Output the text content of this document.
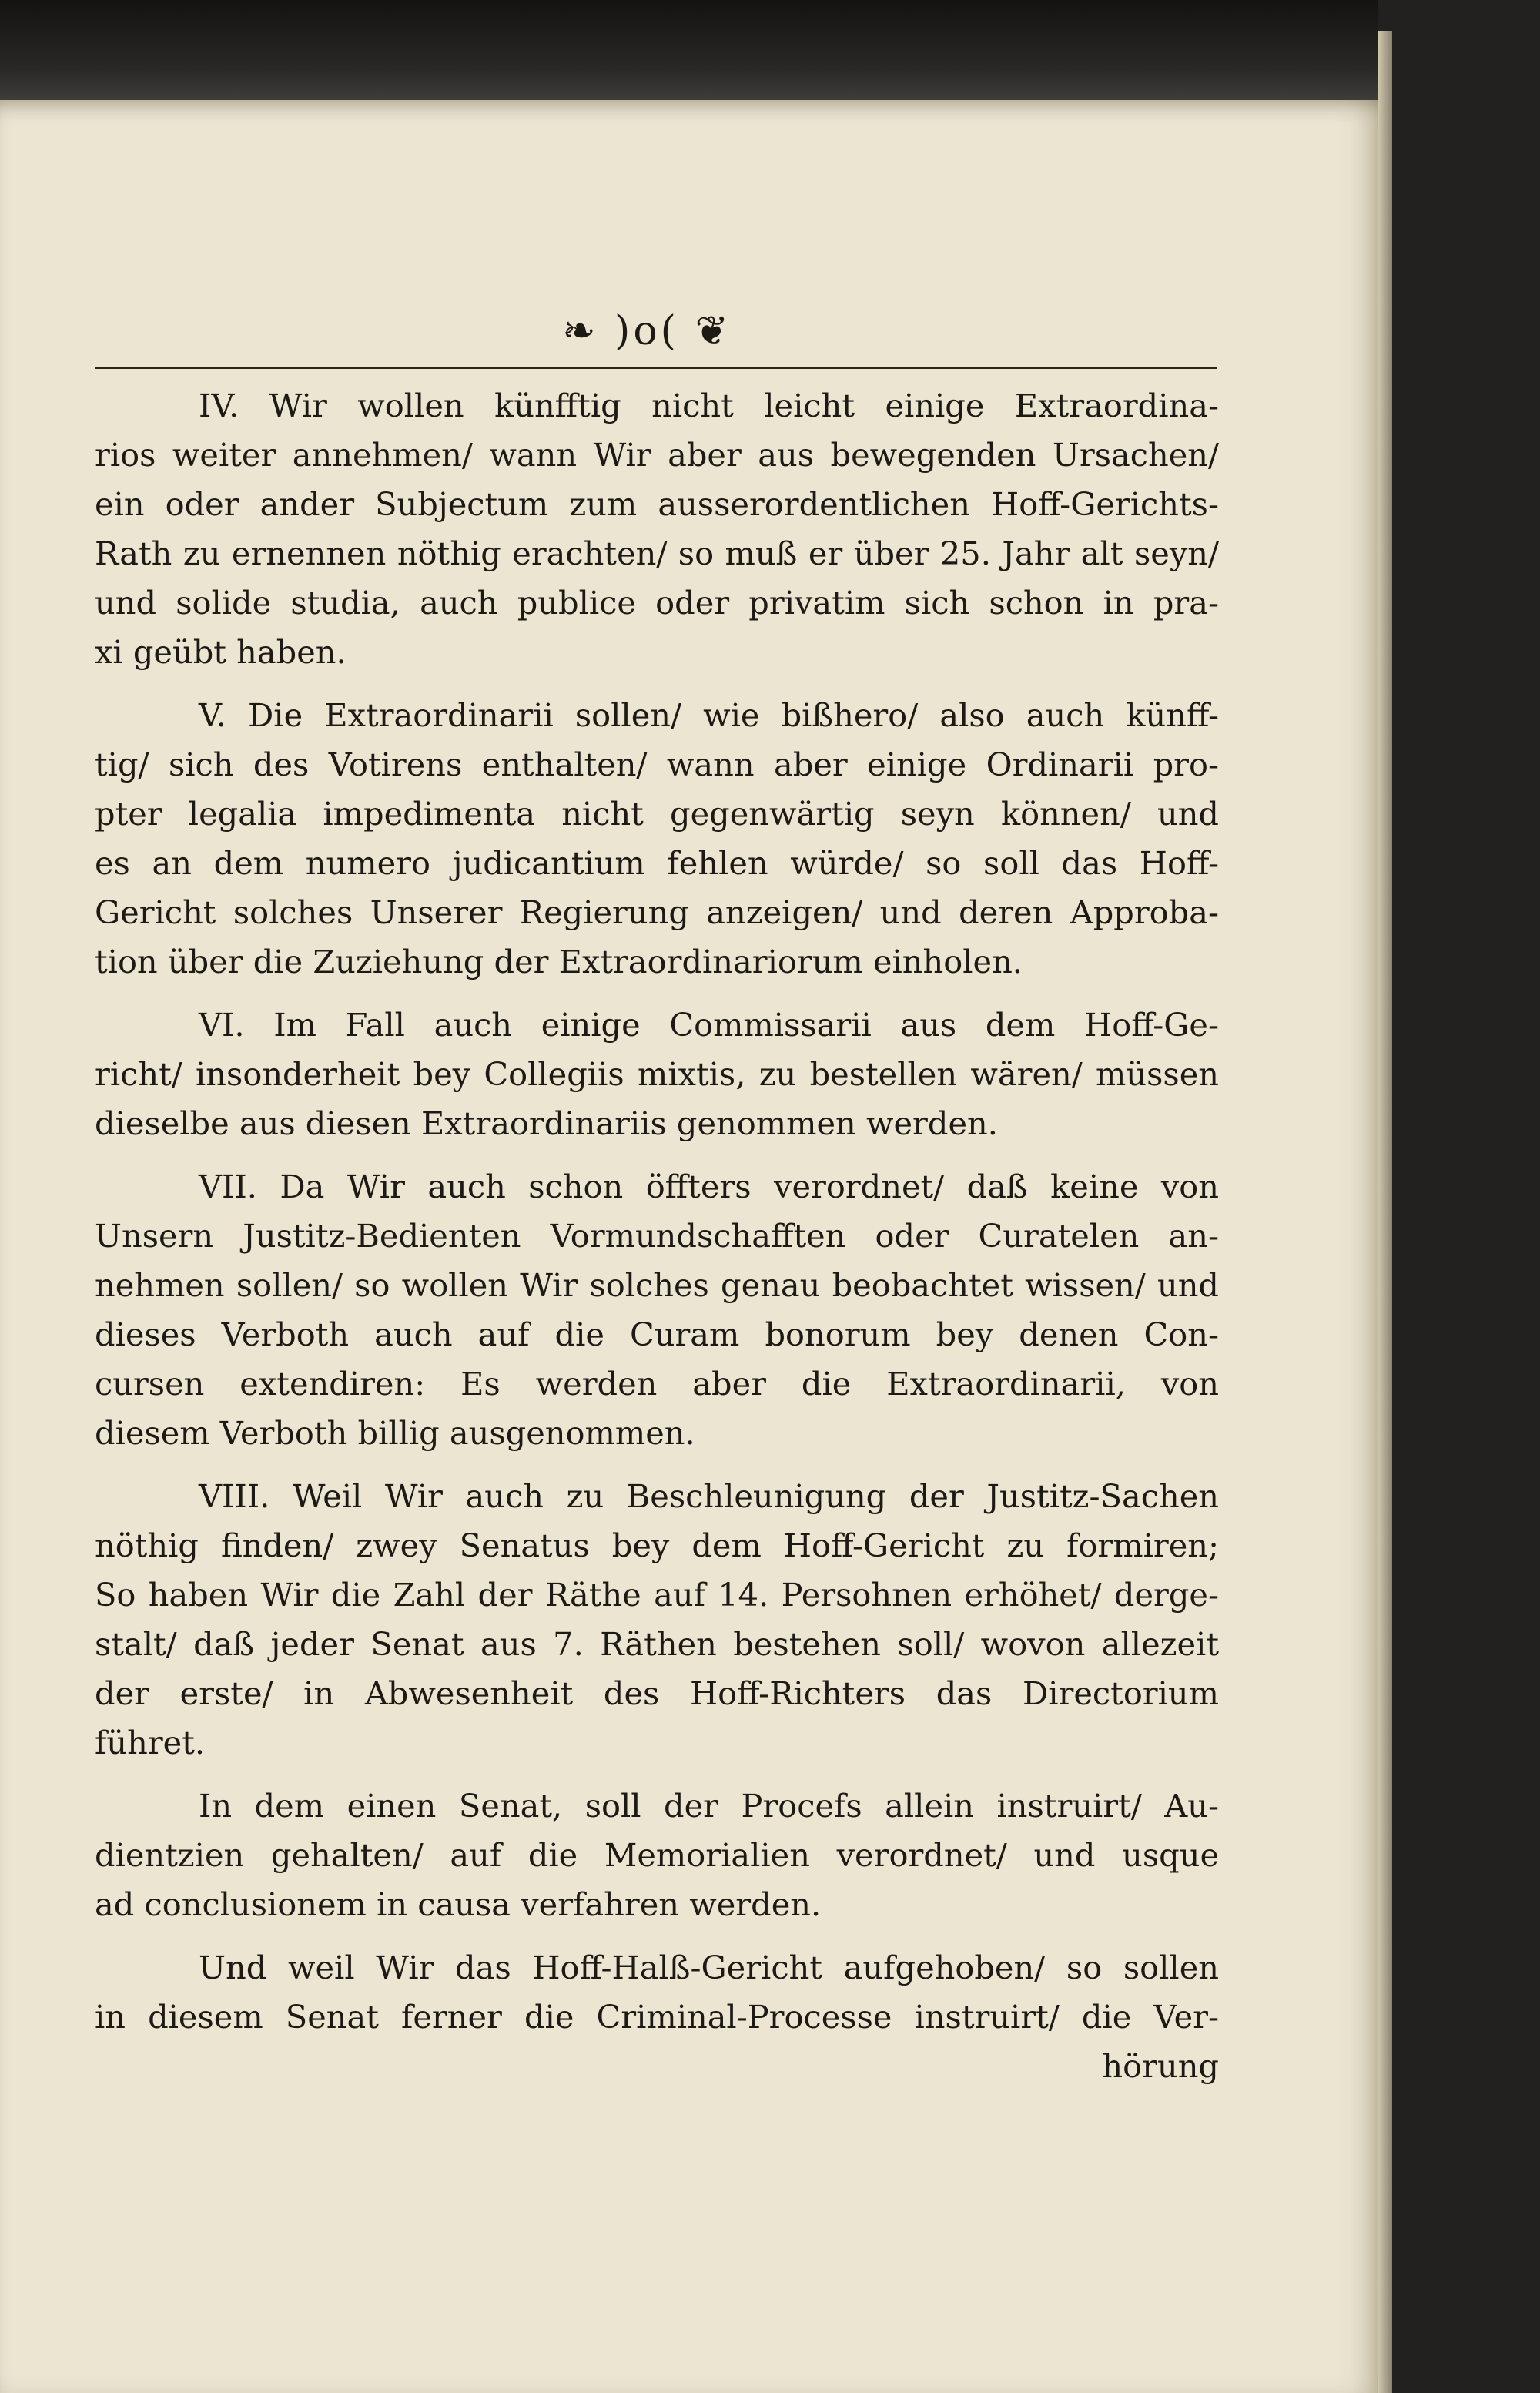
❧ )o( ❦
IV. Wir wollen künfftig nicht leicht einige Extraordina-
rios weiter annehmen/ wann Wir aber aus bewegenden Ursachen/
ein oder ander Subjectum zum ausserordentlichen Hoff-Gerichts-
Rath zu ernennen nöthig erachten/ so muß er über 25. Jahr alt seyn/
und solide studia, auch publice oder privatim sich schon in pra-
xi geübt haben.
V. Die Extraordinarii sollen/ wie bißhero/ also auch künff-
tig/ sich des Votirens enthalten/ wann aber einige Ordinarii pro-
pter legalia impedimenta nicht gegenwärtig seyn können/ und
es an dem numero judicantium fehlen würde/ so soll das Hoff-
Gericht solches Unserer Regierung anzeigen/ und deren Approba-
tion über die Zuziehung der Extraordinariorum einholen.
VI. Im Fall auch einige Commissarii aus dem Hoff-Ge-
richt/ insonderheit bey Collegiis mixtis, zu bestellen wären/ müssen
dieselbe aus diesen Extraordinariis genommen werden.
VII. Da Wir auch schon öffters verordnet/ daß keine von
Unsern Justitz-Bedienten Vormundschafften oder Curatelen an-
nehmen sollen/ so wollen Wir solches genau beobachtet wissen/ und
dieses Verboth auch auf die Curam bonorum bey denen Con-
cursen extendiren: Es werden aber die Extraordinarii, von
diesem Verboth billig ausgenommen.
VIII. Weil Wir auch zu Beschleunigung der Justitz-Sachen
nöthig finden/ zwey Senatus bey dem Hoff-Gericht zu formiren;
So haben Wir die Zahl der Räthe auf 14. Persohnen erhöhet/ derge-
stalt/ daß jeder Senat aus 7. Räthen bestehen soll/ wovon allezeit
der erste/ in Abwesenheit des Hoff-Richters das Directorium
führet.
In dem einen Senat, soll der Procefs allein instruirt/ Au-
dientzien gehalten/ auf die Memorialien verordnet/ und usque
ad conclusionem in causa verfahren werden.
Und weil Wir das Hoff-Halß-Gericht aufgehoben/ so sollen
in diesem Senat ferner die Criminal-Processe instruirt/ die Ver-
hörung
